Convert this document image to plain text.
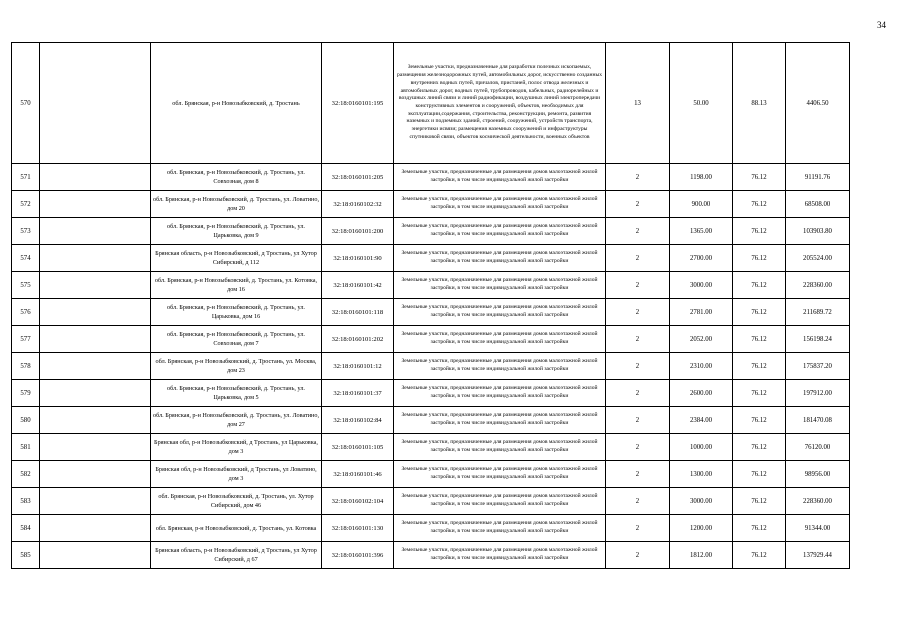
34
570		обл. Брянская, р-н Новозыбковский, д. Тростань	32:18:0160101:195	Земельные участки, предназначенные для разработки полезных ископаемых, размещения железнодорожных путей, автомобильных дорог, искусственно созданных внутренних водных путей, причалов, пристаней, полос отвода железных и автомобильных дорог, водных путей, трубопроводов, кабельных, радиорелейных и воздушных линий связи и линий радиофикации, воздушных линий электропередачи конструктивных элементов и сооружений, объектов, необходимых для эксплуатации,содержания, строительства, реконструкции, ремонта, развития наземных и подземных зданий, строений, сооружений, устройств транспорта, энергетики исвязи; размещения наземных сооружений и инфраструктуры спутниковой связи, объектов космической деятельности, военных объектов	13	50.00	88.13	4406.50
571		обл. Брянская, р-н Новозыбковский, д. Тростань, ул. Совхозная, дом 8	32:18:0160101:205	Земельные участки, предназначенные для размещения домов малоэтажной жилой застройки, в том числе индивидуальной жилой застройки	2	1198.00	76.12	91191.76
572		обл. Брянская, р-н Новозыбковский, д. Тростань, ул. Ловатино, дом 20	32:18:0160102:32	Земельные участки, предназначенные для размещения домов малоэтажной жилой застройки, в том числе индивидуальной жилой застройки	2	900.00	76.12	68508.00
573		обл. Брянская, р-н Новозыбковский, д. Тростань, ул. Царьковка, дом 9	32:18:0160101:200	Земельные участки, предназначенные для размещения домов малоэтажной жилой застройки, в том числе индивидуальной жилой застройки	2	1365.00	76.12	103903.80
574		Брянская область, р-н Новозыбковский, д Тростань, ул Хутор Сибирский, д 112	32:18:0160101:90	Земельные участки, предназначенные для размещения домов малоэтажной жилой застройки, в том числе индивидуальной жилой застройки	2	2700.00	76.12	205524.00
575		обл. Брянская, р-н Новозыбковский, д. Тростань, ул. Котовка, дом 16	32:18:0160101:42	Земельные участки, предназначенные для размещения домов малоэтажной жилой застройки, в том числе индивидуальной жилой застройки	2	3000.00	76.12	228360.00
576		обл. Брянская, р-н Новозыбковский, д. Тростань, ул. Царьковка, дом 16	32:18:0160101:118	Земельные участки, предназначенные для размещения домов малоэтажной жилой застройки, в том числе индивидуальной жилой застройки	2	2781.00	76.12	211689.72
577		обл. Брянская, р-н Новозыбковский, д. Тростань, ул. Совхозная, дом 7	32:18:0160101:202	Земельные участки, предназначенные для размещения домов малоэтажной жилой застройки, в том числе индивидуальной жилой застройки	2	2052.00	76.12	156198.24
578		обл. Брянская, р-н Новозыбковский, д. Тростань, ул. Москва, дом 23	32:18:0160101:12	Земельные участки, предназначенные для размещения домов малоэтажной жилой застройки, в том числе индивидуальной жилой застройки	2	2310.00	76.12	175837.20
579		обл. Брянская, р-н Новозыбковский, д. Тростань, ул. Царьковка, дом 5	32:18:0160101:37	Земельные участки, предназначенные для размещения домов малоэтажной жилой застройки, в том числе индивидуальной жилой застройки	2	2600.00	76.12	197912.00
580		обл. Брянская, р-н Новозыбковский, д. Тростань, ул. Ловатино, дом 27	32:18:0160102:84	Земельные участки, предназначенные для размещения домов малоэтажной жилой застройки, в том числе индивидуальной жилой застройки	2	2384.00	76.12	181470.08
581		Брянская обл, р-н Новозыбковский, д Тростань, ул Царьковка, дом 3	32:18:0160101:105	Земельные участки, предназначенные для размещения домов малоэтажной жилой застройки, в том числе индивидуальной жилой застройки	2	1000.00	76.12	76120.00
582		Брянская обл, р-н Новозыбковский, д Тростань, ул Ловатино, дом 3	32:18:0160101:46	Земельные участки, предназначенные для размещения домов малоэтажной жилой застройки, в том числе индивидуальной жилой застройки	2	1300.00	76.12	98956.00
583		обл. Брянская, р-н Новозыбковский, д. Тростань, ул. Хутор Сибирский, дом 46	32:18:0160102:104	Земельные участки, предназначенные для размещения домов малоэтажной жилой застройки, в том числе индивидуальной жилой застройки	2	3000.00	76.12	228360.00
584		обл. Брянская, р-н Новозыбковский, д. Тростань, ул. Котовка	32:18:0160101:130	Земельные участки, предназначенные для размещения домов малоэтажной жилой застройки, в том числе индивидуальной жилой застройки	2	1200.00	76.12	91344.00
585		Брянская область, р-н Новозыбковский, д Тростань, ул Хутор Сибирский, д 67	32:18:0160101:396	Земельные участки, предназначенные для размещения домов малоэтажной жилой застройки, в том числе индивидуальной жилой застройки	2	1812.00	76.12	137929.44
